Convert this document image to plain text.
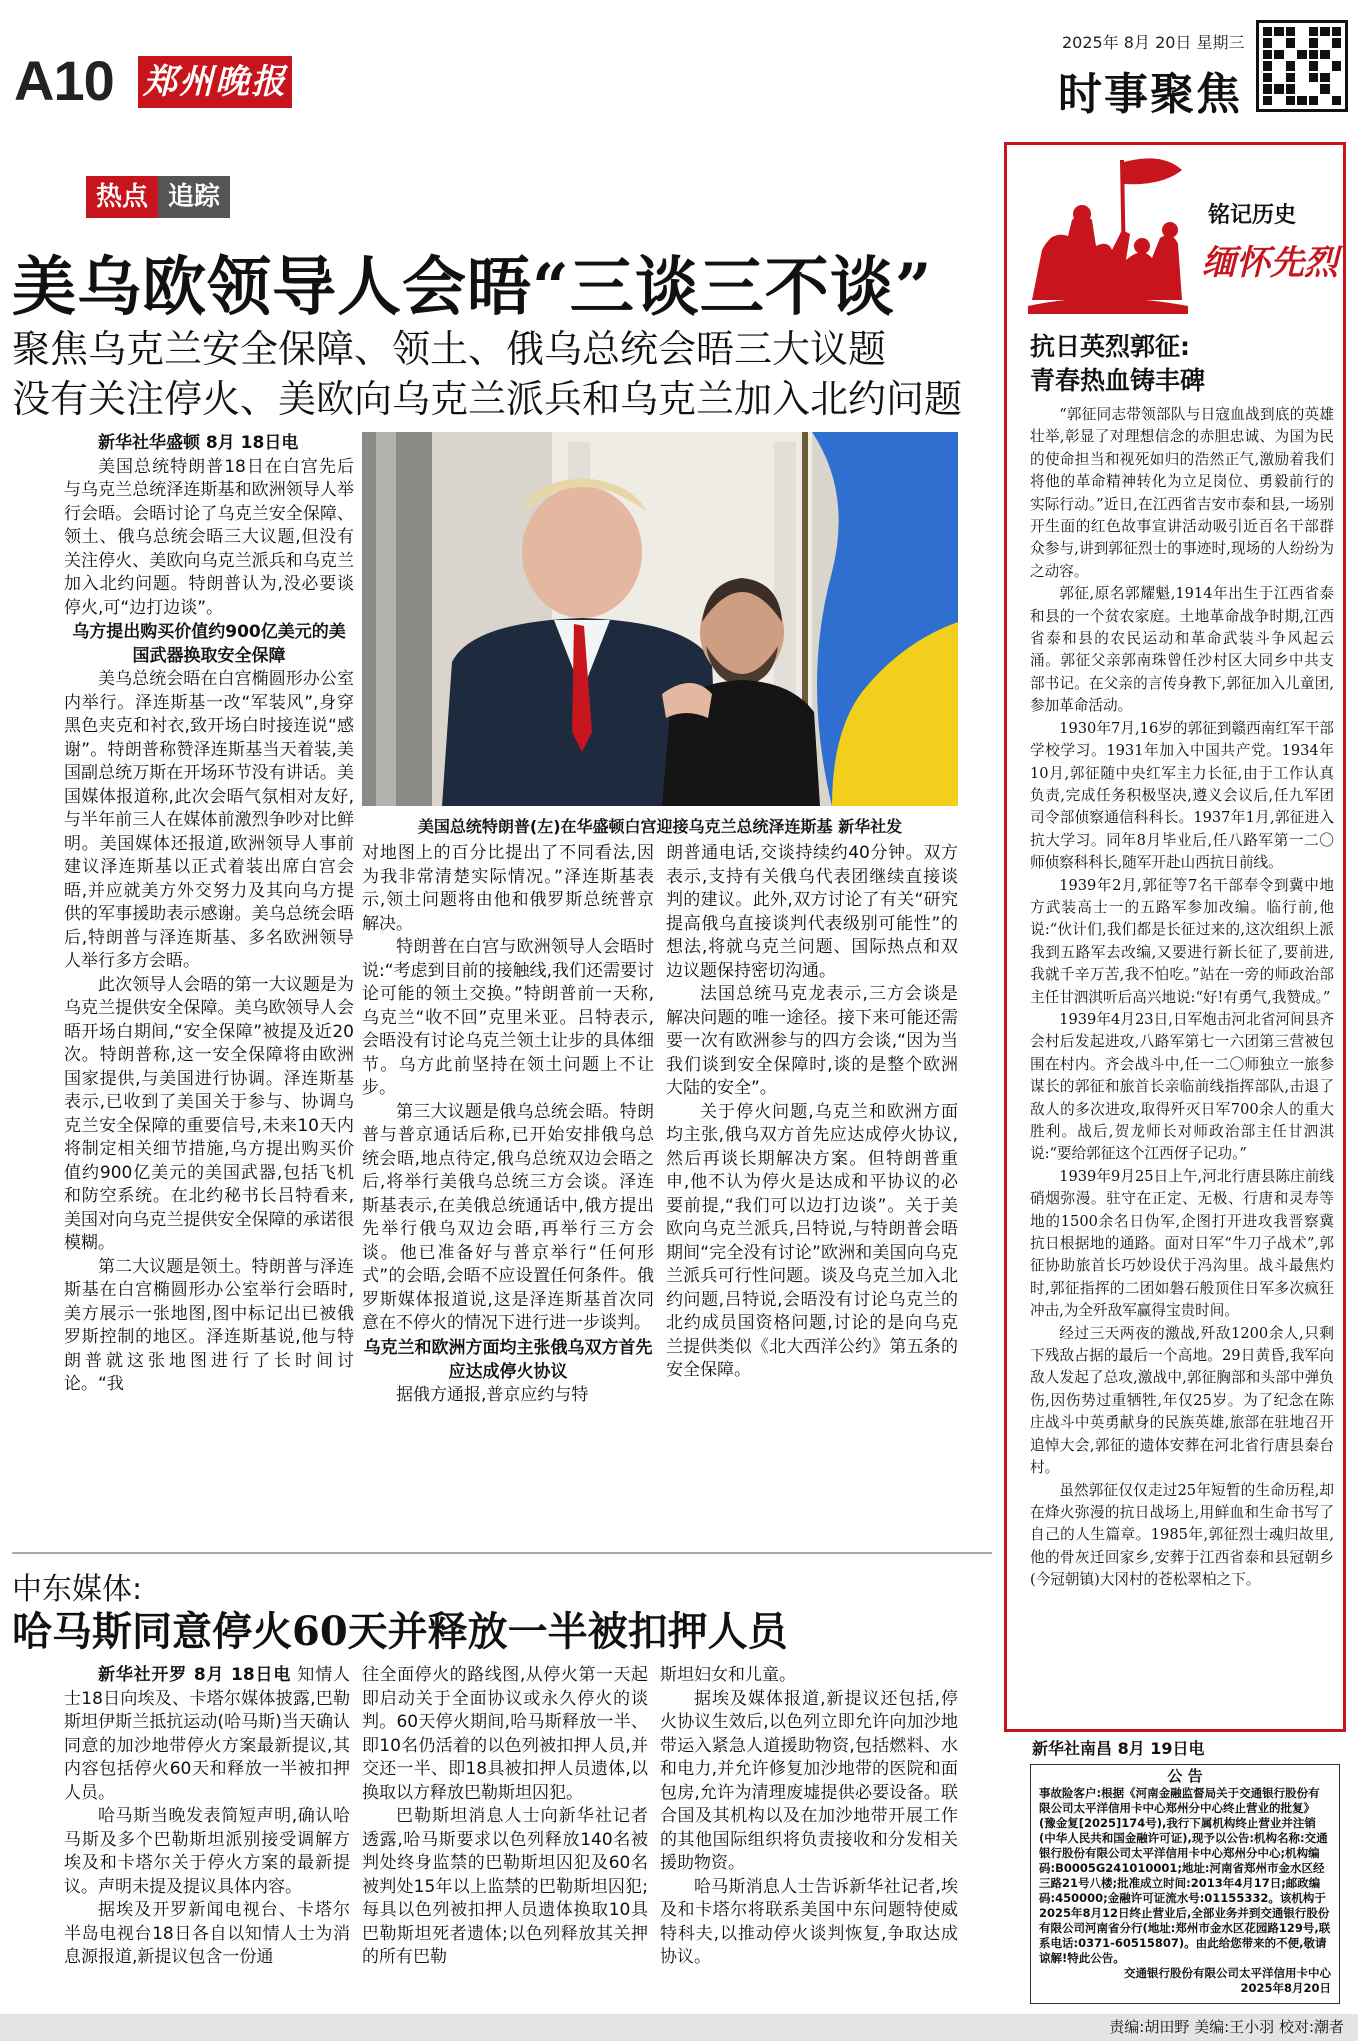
A10 郑州晚报
2025年 8月 20日 星期三
时事聚焦
热点 追踪
美乌欧领导人会晤“三谈三不谈”
聚焦乌克兰安全保障、领土、俄乌总统会晤三大议题
没有关注停火、美欧向乌克兰派兵和乌克兰加入北约问题

新华社华盛顿 8月 18日电

美国总统特朗普18日在白宫先后与乌克兰总统泽连斯基和欧洲领导人举行会晤。会晤讨论了乌克兰安全保障、领土、俄乌总统会晤三大议题,但没有关注停火、美欧向乌克兰派兵和乌克兰加入北约问题。特朗普认为,没必要谈停火,可“边打边谈”。

乌方提出购买价值约900亿美元的美国武器换取安全保障

美乌总统会晤在白宫椭圆形办公室内举行。泽连斯基一改“军装风”,身穿黑色夹克和衬衣,致开场白时接连说“感谢”。特朗普称赞泽连斯基当天着装,美国副总统万斯在开场环节没有讲话。美国媒体报道称,此次会晤气氛相对友好,与半年前三人在媒体前激烈争吵对比鲜明。美国媒体还报道,欧洲领导人事前建议泽连斯基以正式着装出席白宫会晤,并应就美方外交努力及其向乌方提供的军事援助表示感谢。美乌总统会晤后,特朗普与泽连斯基、多名欧洲领导人举行多方会晤。

此次领导人会晤的第一大议题是为乌克兰提供安全保障。美乌欧领导人会晤开场白期间,“安全保障”被提及近20次。特朗普称,这一安全保障将由欧洲国家提供,与美国进行协调。泽连斯基表示,已收到了美国关于参与、协调乌克兰安全保障的重要信号,未来10天内将制定相关细节措施,乌方提出购买价值约900亿美元的美国武器,包括飞机和防空系统。在北约秘书长吕特看来,美国对向乌克兰提供安全保障的承诺很模糊。

第二大议题是领土。特朗普与泽连斯基在白宫椭圆形办公室举行会晤时,美方展示一张地图,图中标记出已被俄罗斯控制的地区。泽连斯基说,他与特朗普就这张地图进行了长时间讨论。“我

美国总统特朗普(左)在华盛顿白宫迎接乌克兰总统泽连斯基 新华社发

对地图上的百分比提出了不同看法,因为我非常清楚实际情况。”泽连斯基表示,领土问题将由他和俄罗斯总统普京解决。

特朗普在白宫与欧洲领导人会晤时说:“考虑到目前的接触线,我们还需要讨论可能的领土交换。”特朗普前一天称,乌克兰“收不回”克里米亚。吕特表示,会晤没有讨论乌克兰领土让步的具体细节。乌方此前坚持在领土问题上不让步。

第三大议题是俄乌总统会晤。特朗普与普京通话后称,已开始安排俄乌总统会晤,地点待定,俄乌总统双边会晤之后,将举行美俄乌总统三方会谈。泽连斯基表示,在美俄总统通话中,俄方提出先举行俄乌双边会晤,再举行三方会谈。他已准备好与普京举行“任何形式”的会晤,会晤不应设置任何条件。俄罗斯媒体报道说,这是泽连斯基首次同意在不停火的情况下进行进一步谈判。

乌克兰和欧洲方面均主张俄乌双方首先应达成停火协议

据俄方通报,普京应约与特

朗普通电话,交谈持续约40分钟。双方表示,支持有关俄乌代表团继续直接谈判的建议。此外,双方讨论了有关“研究提高俄乌直接谈判代表级别可能性”的想法,将就乌克兰问题、国际热点和双边议题保持密切沟通。

法国总统马克龙表示,三方会谈是解决问题的唯一途径。接下来可能还需要一次有欧洲参与的四方会谈,“因为当我们谈到安全保障时,谈的是整个欧洲大陆的安全”。

关于停火问题,乌克兰和欧洲方面均主张,俄乌双方首先应达成停火协议,然后再谈长期解决方案。但特朗普重申,他不认为停火是达成和平协议的必要前提,“我们可以边打边谈”。关于美欧向乌克兰派兵,吕特说,与特朗普会晤期间“完全没有讨论”欧洲和美国向乌克兰派兵可行性问题。谈及乌克兰加入北约问题,吕特说,会晤没有讨论乌克兰的北约成员国资格问题,讨论的是向乌克兰提供类似《北大西洋公约》第五条的安全保障。

中东媒体:
哈马斯同意停火60天并释放一半被扣押人员

新华社开罗 8月 18日电 知情人士18日向埃及、卡塔尔媒体披露,巴勒斯坦伊斯兰抵抗运动(哈马斯)当天确认同意的加沙地带停火方案最新提议,其内容包括停火60天和释放一半被扣押人员。

哈马斯当晚发表简短声明,确认哈马斯及多个巴勒斯坦派别接受调解方埃及和卡塔尔关于停火方案的最新提议。声明未提及提议具体内容。

据埃及开罗新闻电视台、卡塔尔半岛电视台18日各自以知情人士为消息源报道,新提议包含一份通

往全面停火的路线图,从停火第一天起即启动关于全面协议或永久停火的谈判。60天停火期间,哈马斯释放一半、即10名仍活着的以色列被扣押人员,并交还一半、即18具被扣押人员遗体,以换取以方释放巴勒斯坦囚犯。

巴勒斯坦消息人士向新华社记者透露,哈马斯要求以色列释放140名被判处终身监禁的巴勒斯坦囚犯及60名被判处15年以上监禁的巴勒斯坦囚犯;每具以色列被扣押人员遗体换取10具巴勒斯坦死者遗体;以色列释放其关押的所有巴勒

斯坦妇女和儿童。

据埃及媒体报道,新提议还包括,停火协议生效后,以色列立即允许向加沙地带运入紧急人道援助物资,包括燃料、水和电力,并允许修复加沙地带的医院和面包房,允许为清理废墟提供必要设备。联合国及其机构以及在加沙地带开展工作的其他国际组织将负责接收和分发相关援助物资。

哈马斯消息人士告诉新华社记者,埃及和卡塔尔将联系美国中东问题特使威特科夫,以推动停火谈判恢复,争取达成协议。

铭记历史
缅怀先烈
抗日英烈郭征:
青春热血铸丰碑

“郭征同志带领部队与日寇血战到底的英雄壮举,彰显了对理想信念的赤胆忠诚、为国为民的使命担当和视死如归的浩然正气,激励着我们将他的革命精神转化为立足岗位、勇毅前行的实际行动。”近日,在江西省吉安市泰和县,一场别开生面的红色故事宣讲活动吸引近百名干部群众参与,讲到郭征烈士的事迹时,现场的人纷纷为之动容。

郭征,原名郭耀魁,1914年出生于江西省泰和县的一个贫农家庭。土地革命战争时期,江西省泰和县的农民运动和革命武装斗争风起云涌。郭征父亲郭南珠曾任沙村区大同乡中共支部书记。在父亲的言传身教下,郭征加入儿童团,参加革命活动。

1930年7月,16岁的郭征到赣西南红军干部学校学习。1931年加入中国共产党。1934年10月,郭征随中央红军主力长征,由于工作认真负责,完成任务积极坚决,遵义会议后,任九军团司令部侦察通信科科长。1937年1月,郭征进入抗大学习。同年8月毕业后,任八路军第一二〇师侦察科科长,随军开赴山西抗日前线。

1939年2月,郭征等7名干部奉令到冀中地方武装高士一的五路军参加改编。临行前,他说:“伙计们,我们都是长征过来的,这次组织上派我到五路军去改编,又要进行新长征了,要前进,我就千辛万苦,我不怕吃。”站在一旁的师政治部主任甘泗淇听后高兴地说:“好!有勇气,我赞成。”

1939年4月23日,日军炮击河北省河间县齐会村后发起进攻,八路军第七一六团第三营被包围在村内。齐会战斗中,任一二〇师独立一旅参谋长的郭征和旅首长亲临前线指挥部队,击退了敌人的多次进攻,取得歼灭日军700余人的重大胜利。战后,贺龙师长对师政治部主任甘泗淇说:“要给郭征这个江西伢子记功。”

1939年9月25日上午,河北行唐县陈庄前线硝烟弥漫。驻守在正定、无极、行唐和灵寿等地的1500余名日伪军,企图打开进攻我晋察冀抗日根据地的通路。面对日军“牛刀子战术”,郭征协助旅首长巧妙设伏于冯沟里。战斗最焦灼时,郭征指挥的二团如磐石般顶住日军多次疯狂冲击,为全歼敌军赢得宝贵时间。

经过三天两夜的激战,歼敌1200余人,只剩下残敌占据的最后一个高地。29日黄昏,我军向敌人发起了总攻,激战中,郭征胸部和头部中弹负伤,因伤势过重牺牲,年仅25岁。为了纪念在陈庄战斗中英勇献身的民族英雄,旅部在驻地召开追悼大会,郭征的遗体安葬在河北省行唐县秦台村。

虽然郭征仅仅走过25年短暂的生命历程,却在烽火弥漫的抗日战场上,用鲜血和生命书写了自己的人生篇章。1985年,郭征烈士魂归故里,他的骨灰迁回家乡,安葬于江西省泰和县冠朝乡(今冠朝镇)大冈村的苍松翠柏之下。

新华社南昌 8月 19日电
公 告
事故险客户:根据《河南金融监督局关于交通银行股份有限公司太平洋信用卡中心郑州分中心终止营业的批复》(豫金复[2025]174号),我行下属机构终止营业并注销(中华人民共和国金融许可证),现予以公告:机构名称:交通银行股份有限公司太平洋信用卡中心郑州分中心;机构编码:B0005G241010001;地址:河南省郑州市金水区经三路21号八楼;批准成立时间:2013年4月17日;邮政编码:450000;金融许可证流水号:01155332。该机构于2025年8月12日终止营业后,全部业务并到交通银行股份有限公司河南省分行(地址:郑州市金水区花园路129号,联系电话:0371-60515807)。由此给您带来的不便,敬请谅解!特此公告。
交通银行股份有限公司太平洋信用卡中心
2025年8月20日
责编:胡田野 美编:王小羽 校对:潮者
